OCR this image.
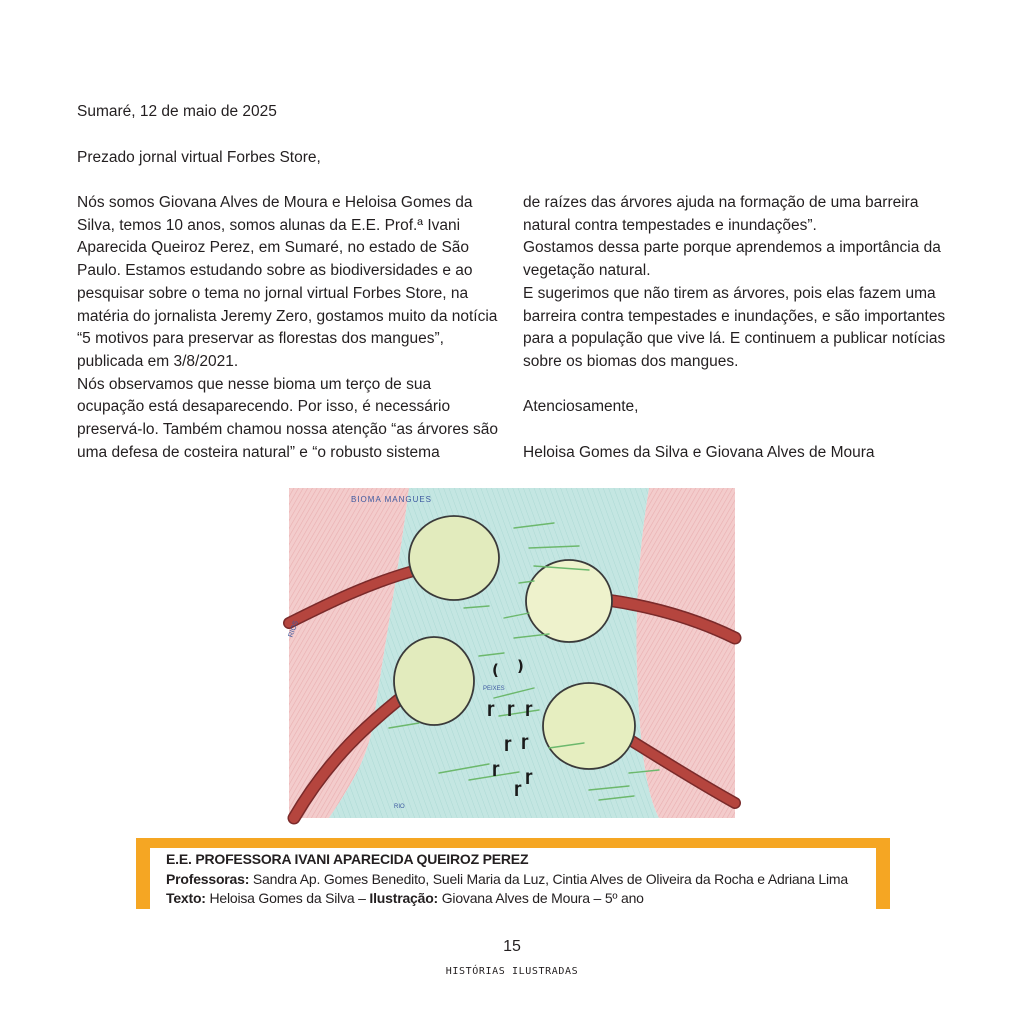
Sumaré, 12 de maio de 2025
Prezado jornal virtual Forbes Store,

Nós somos Giovana Alves de Moura e Heloisa Gomes da Silva, temos 10 anos, somos alunas da E.E. Prof.ª Ivani Aparecida Queiroz Perez, em Sumaré, no estado de São Paulo. Estamos estudando sobre as biodiversidades e ao pesquisar sobre o tema no jornal virtual Forbes Store, na matéria do jornalista Jeremy Zero, gostamos muito da notícia “5 motivos para preservar as florestas dos mangues”, publicada em 3/8/2021.

Nós observamos que nesse bioma um terço de sua ocupação está desaparecendo. Por isso, é necessário preservá-lo. Também chamou nossa atenção “as árvores são uma defesa de costeira natural” e “o robusto sistema

de raízes das árvores ajuda na formação de uma barreira natural contra tempestades e inundações”.

Gostamos dessa parte porque aprendemos a importância da vegetação natural.

E sugerimos que não tirem as árvores, pois elas fazem uma barreira contra tempestades e inundações, e são importantes para a população que vive lá. E continuem a publicar notícias sobre os biomas dos mangues.

Atenciosamente,

Heloisa Gomes da Silva e Giovana Alves de Moura

( )
ɼ ɼ ɼ
ɼ ɼ
ɼ ɼ
ɼ
BIOMA MANGUES
RIOS
PEIXES
RIO
E.E. PROFESSORA IVANI APARECIDA QUEIROZ PEREZ
Professoras: Sandra Ap. Gomes Benedito, Sueli Maria da Luz, Cintia Alves de Oliveira da Rocha e Adriana Lima
Texto: Heloisa Gomes da Silva – Ilustração: Giovana Alves de Moura – 5º ano
15
HISTÓRIAS ILUSTRADAS
